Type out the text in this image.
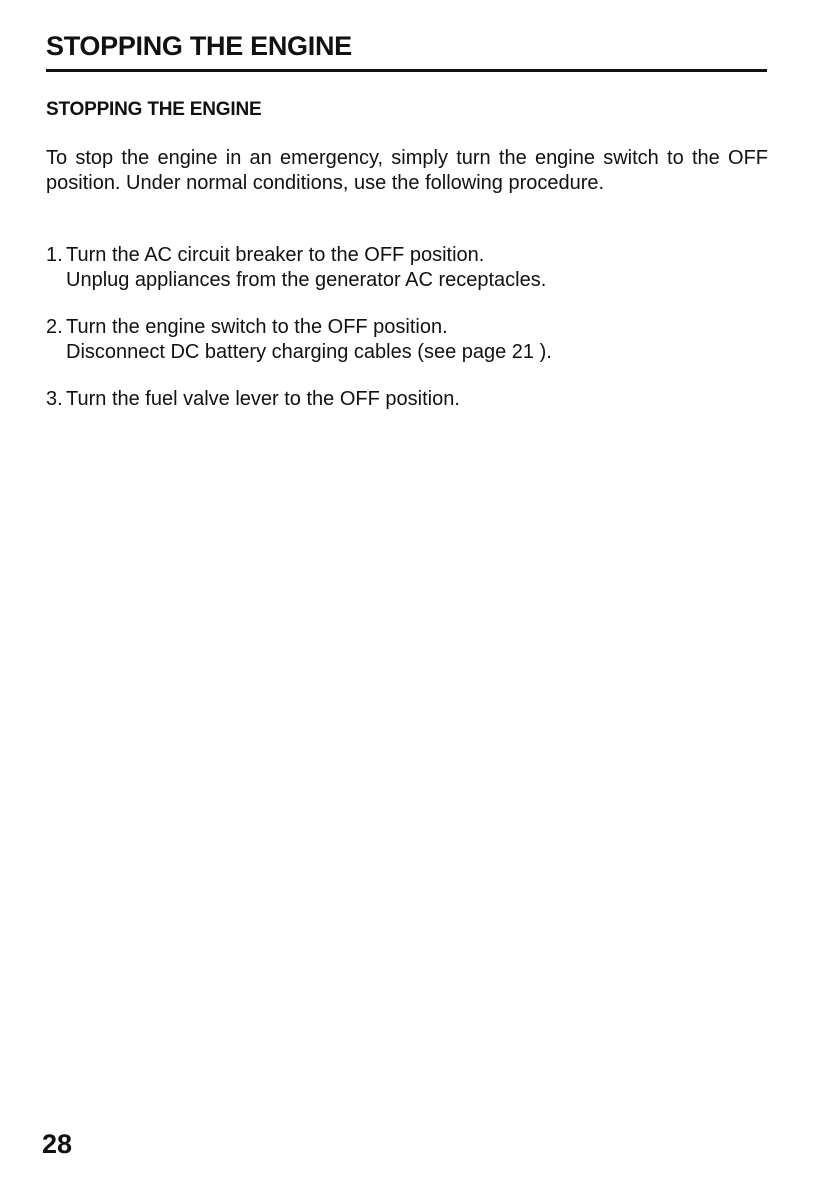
STOPPING THE ENGINE
STOPPING THE ENGINE

To stop the engine in an emergency, simply turn the engine switch to the OFF position. Under normal conditions, use the following procedure.

1. Turn the AC circuit breaker to the OFF position.
Unplug appliances from the generator AC receptacles.
2. Turn the engine switch to the OFF position.
Disconnect DC battery charging cables (see page 21 ).
3. Turn the fuel valve lever to the OFF position.
28
